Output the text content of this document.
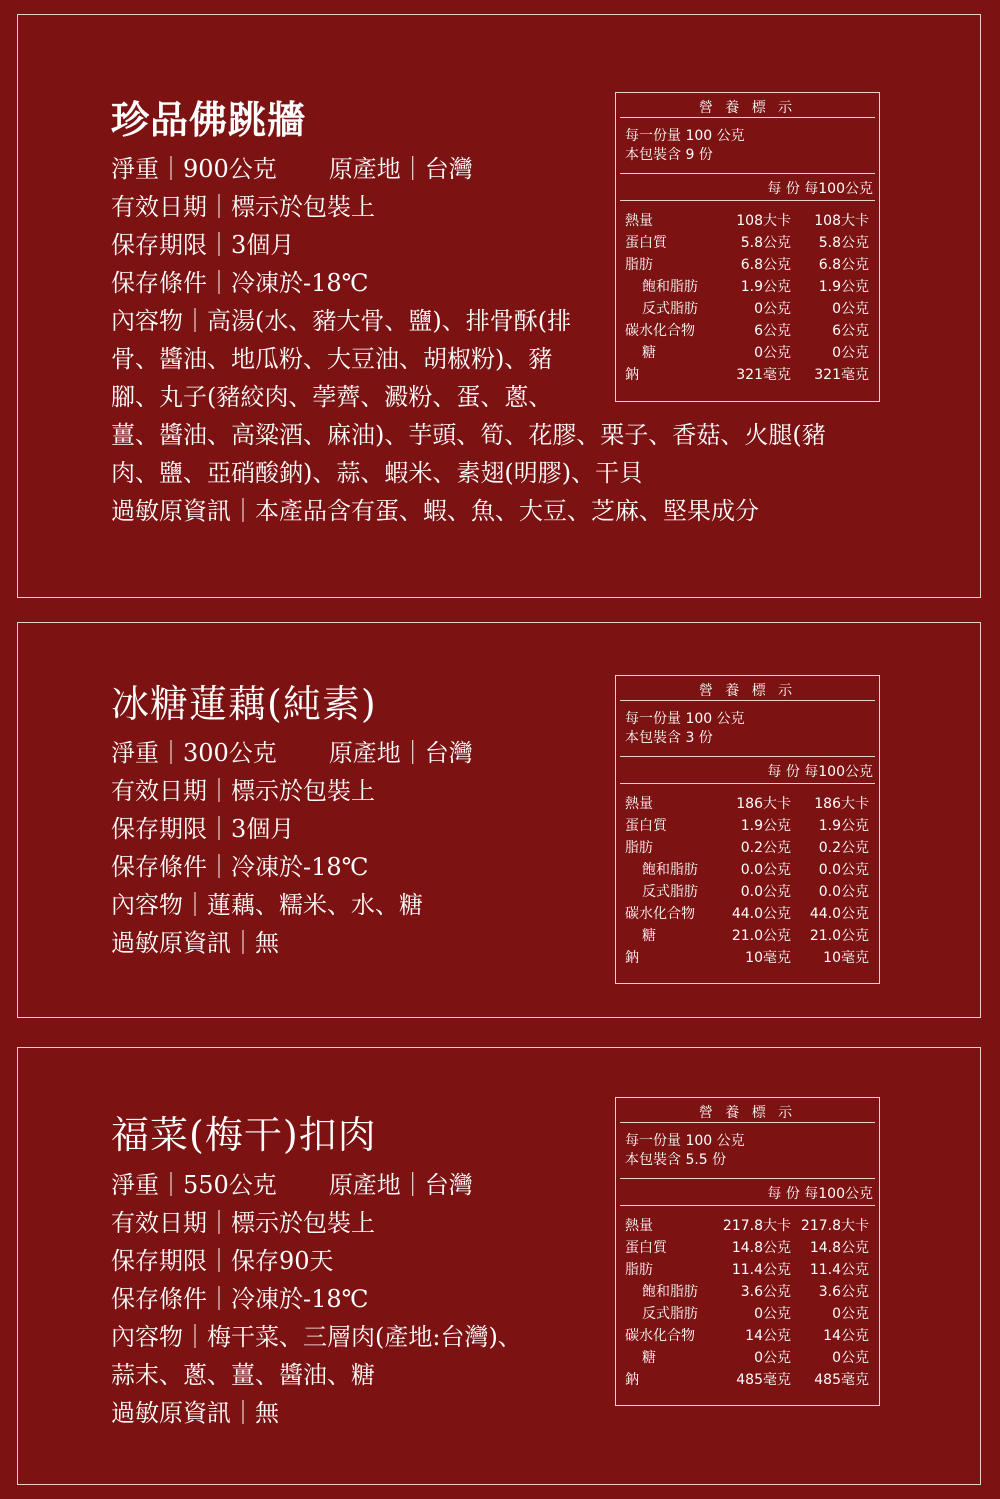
珍品佛跳牆
淨重｜900公克 原產地｜台灣
有效日期｜標示於包裝上
保存期限｜3個月
保存條件｜冷凍於-18℃
內容物｜高湯(水、豬大骨、鹽)、排骨酥(排
骨、醬油、地瓜粉、大豆油、胡椒粉)、豬
腳、丸子(豬絞肉、荸薺、澱粉、蛋、蔥、
薑、醬油、高粱酒、麻油)、芋頭、筍、花膠、栗子、香菇、火腿(豬
肉、鹽、亞硝酸鈉)、蒜、蝦米、素翅(明膠)、干貝
過敏原資訊｜本產品含有蛋、蝦、魚、大豆、芝麻、堅果成分
營 養 標 示
每一份量 100 公克
本包裝含 9 份
每 份 每100公克
熱量	108大卡 108大卡
蛋白質	5.8公克 5.8公克
脂肪	6.8公克 6.8公克
飽和脂肪	1.9公克 1.9公克
反式脂肪	0公克	0公克
碳水化合物	6公克	6公克
糖	0公克	0公克
鈉	321毫克 321毫克
冰糖蓮藕(純素)
淨重｜300公克 原產地｜台灣
有效日期｜標示於包裝上
保存期限｜3個月
保存條件｜冷凍於-18℃
內容物｜蓮藕、糯米、水、糖
過敏原資訊｜無
營 養 標 示
每一份量 100 公克
本包裝含 3 份
每 份 每100公克
熱量	186大卡 186大卡
蛋白質	1.9公克 1.9公克
脂肪	0.2公克 0.2公克
飽和脂肪	0.0公克 0.0公克
反式脂肪	0.0公克 0.0公克
碳水化合物	44.0公克 44.0公克
糖	21.0公克 21.0公克
鈉	10毫克 10毫克
福菜(梅干)扣肉
淨重｜550公克 原產地｜台灣
有效日期｜標示於包裝上
保存期限｜保存90天
保存條件｜冷凍於-18℃
內容物｜梅干菜、三層肉(產地:台灣)、
蒜末、蔥、薑、醬油、糖
過敏原資訊｜無
營 養 標 示
每一份量 100 公克
本包裝含 5.5 份
每 份 每100公克
熱量	217.8大卡 217.8大卡
蛋白質	14.8公克 14.8公克
脂肪	11.4公克 11.4公克
飽和脂肪	3.6公克 3.6公克
反式脂肪	0公克	0公克
碳水化合物	14公克 14公克
糖	0公克	0公克
鈉	485毫克 485毫克
